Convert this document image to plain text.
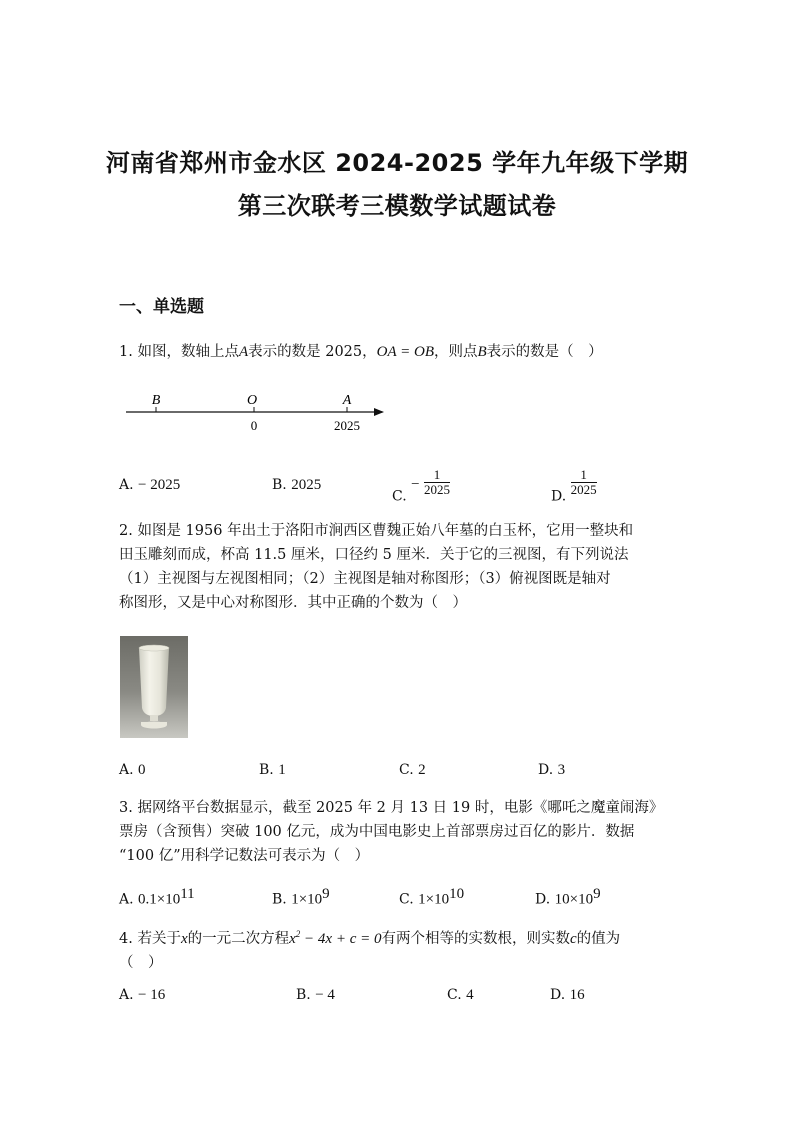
河南省郑州市金水区 2024-2025 学年九年级下学期
第三次联考三模数学试题试卷
一、单选题
1. 如图，数轴上点A表示的数是 2025，OA = OB，则点B表示的数是（　）
B	O	A
0	2025
A. − 2025	B. 2025
C. − $\frac{1}{2025}$	D. $\frac{1}{2025}$
2. 如图是 1956 年出土于洛阳市涧西区曹魏正始八年墓的白玉杯，它用一整块和
田玉雕刻而成，杯高 11.5 厘米，口径约 5 厘米．关于它的三视图，有下列说法
（1）主视图与左视图相同；（2）主视图是轴对称图形；（3）俯视图既是轴对
称图形，又是中心对称图形．其中正确的个数为（　）
A. 0	B. 1	C. 2	D. 3
3. 据网络平台数据显示，截至 2025 年 2 月 13 日 19 时，电影《哪吒之魔童闹海》
票房（含预售）突破 100 亿元，成为中国电影史上首部票房过百亿的影片．数据
“100 亿”用科学记数法可表示为（　）
A. $0.1\times 10^{11}$	B. $1\times 10^9$	C. $1\times 10^{10}$	D. $10\times 10^9$
4. 若关于x的一元二次方程$x^2 - 4x + c = 0$有两个相等的实数根，则实数c的值为
（　）
A. − 16	B. − 4	C. 4	D. 16
